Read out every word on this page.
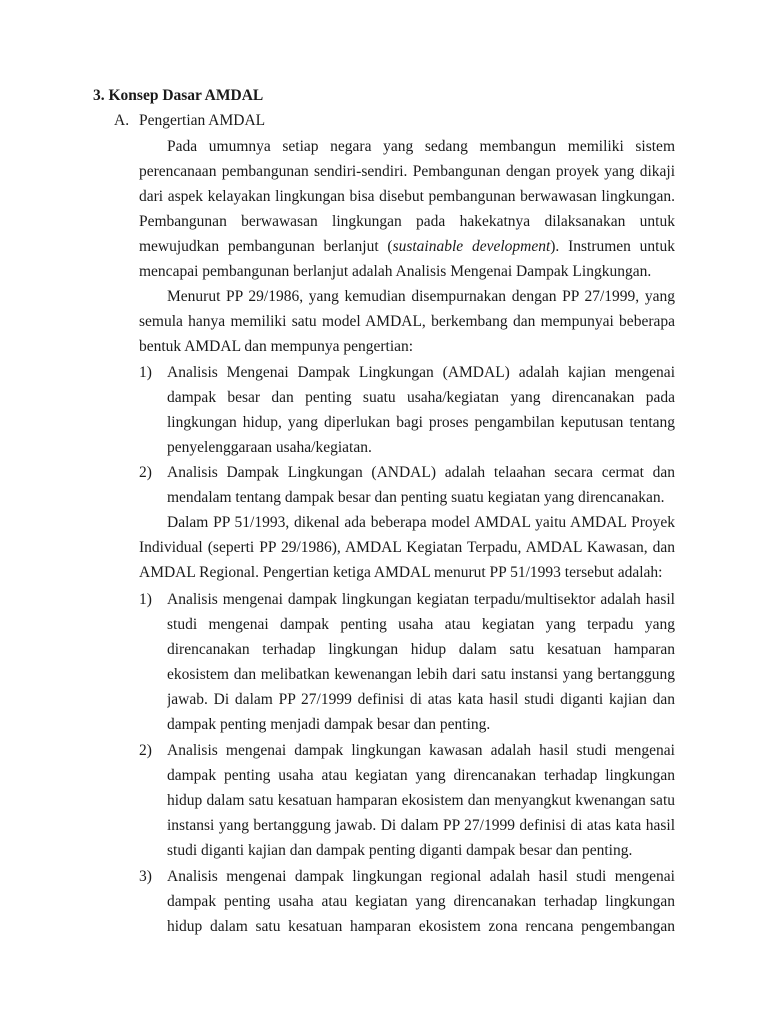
3. Konsep Dasar AMDAL
A. Pengertian AMDAL
Pada umumnya setiap negara yang sedang membangun memiliki sistem
perencanaan pembangunan sendiri-sendiri. Pembangunan dengan proyek yang dikaji
dari aspek kelayakan lingkungan bisa disebut pembangunan berwawasan lingkungan.
Pembangunan berwawasan lingkungan pada hakekatnya dilaksanakan untuk
mewujudkan pembangunan berlanjut (sustainable development). Instrumen untuk
mencapai pembangunan berlanjut adalah Analisis Mengenai Dampak Lingkungan.
Menurut PP 29/1986, yang kemudian disempurnakan dengan PP 27/1999, yang
semula hanya memiliki satu model AMDAL, berkembang dan mempunyai beberapa
bentuk AMDAL dan mempunya pengertian:
1) Analisis Mengenai Dampak Lingkungan (AMDAL) adalah kajian mengenai
dampak besar dan penting suatu usaha/kegiatan yang direncanakan pada
lingkungan hidup, yang diperlukan bagi proses pengambilan keputusan tentang
penyelenggaraan usaha/kegiatan.
2) Analisis Dampak Lingkungan (ANDAL) adalah telaahan secara cermat dan
mendalam tentang dampak besar dan penting suatu kegiatan yang direncanakan.
Dalam PP 51/1993, dikenal ada beberapa model AMDAL yaitu AMDAL Proyek
Individual (seperti PP 29/1986), AMDAL Kegiatan Terpadu, AMDAL Kawasan, dan
AMDAL Regional. Pengertian ketiga AMDAL menurut PP 51/1993 tersebut adalah:
1) Analisis mengenai dampak lingkungan kegiatan terpadu/multisektor adalah hasil
studi mengenai dampak penting usaha atau kegiatan yang terpadu yang
direncanakan terhadap lingkungan hidup dalam satu kesatuan hamparan
ekosistem dan melibatkan kewenangan lebih dari satu instansi yang bertanggung
jawab. Di dalam PP 27/1999 definisi di atas kata hasil studi diganti kajian dan
dampak penting menjadi dampak besar dan penting.
2) Analisis mengenai dampak lingkungan kawasan adalah hasil studi mengenai
dampak penting usaha atau kegiatan yang direncanakan terhadap lingkungan
hidup dalam satu kesatuan hamparan ekosistem dan menyangkut kwenangan satu
instansi yang bertanggung jawab. Di dalam PP 27/1999 definisi di atas kata hasil
studi diganti kajian dan dampak penting diganti dampak besar dan penting.
3) Analisis mengenai dampak lingkungan regional adalah hasil studi mengenai
dampak penting usaha atau kegiatan yang direncanakan terhadap lingkungan
hidup dalam satu kesatuan hamparan ekosistem zona rencana pengembangan
